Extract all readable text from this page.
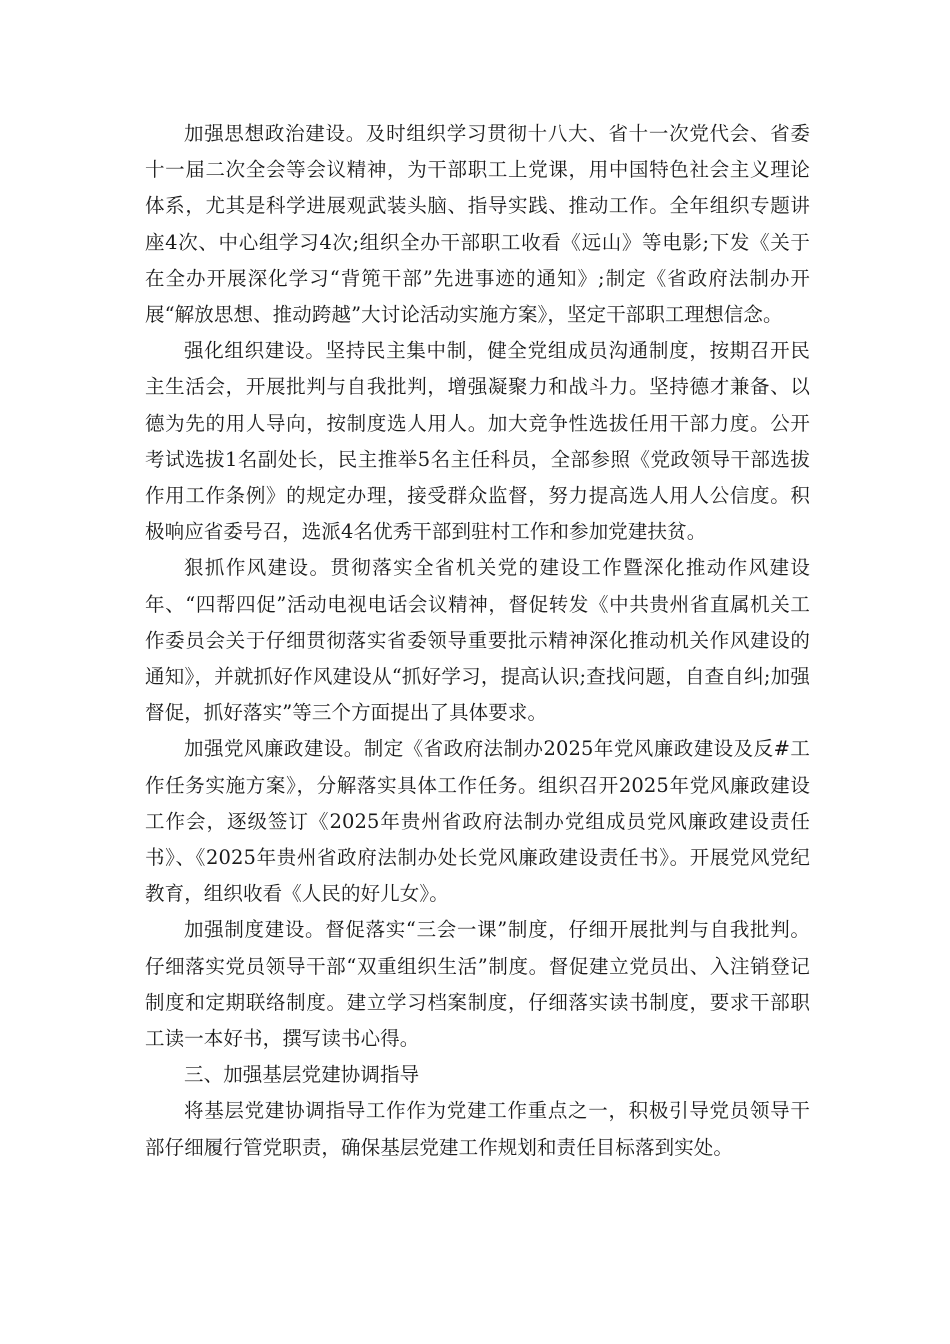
加强思想政治建设。及时组织学习贯彻十八大、省十一次党代会、省委十一届二次全会等会议精神，为干部职工上党课，用中国特色社会主义理论体系，尤其是科学进展观武装头脑、指导实践、推动工作。全年组织专题讲座4次、中心组学习4次;组织全办干部职工收看《远山》等电影;下发《关于在全办开展深化学习“背篼干部”先进事迹的通知》;制定《省政府法制办开展“解放思想、推动跨越”大讨论活动实施方案》，坚定干部职工理想信念。

强化组织建设。坚持民主集中制，健全党组成员沟通制度，按期召开民主生活会，开展批判与自我批判，增强凝聚力和战斗力。坚持德才兼备、以德为先的用人导向，按制度选人用人。加大竞争性选拔任用干部力度。公开考试选拔1名副处长，民主推举5名主任科员，全部参照《党政领导干部选拔作用工作条例》的规定办理，接受群众监督，努力提高选人用人公信度。积极响应省委号召，选派4名优秀干部到驻村工作和参加党建扶贫。

狠抓作风建设。贯彻落实全省机关党的建设工作暨深化推动作风建设年、“四帮四促”活动电视电话会议精神，督促转发《中共贵州省直属机关工作委员会关于仔细贯彻落实省委领导重要批示精神深化推动机关作风建设的通知》，并就抓好作风建设从“抓好学习，提高认识;查找问题，自查自纠;加强督促，抓好落实”等三个方面提出了具体要求。

加强党风廉政建设。制定《省政府法制办2025年党风廉政建设及反#工作任务实施方案》，分解落实具体工作任务。组织召开2025年党风廉政建设工作会，逐级签订《2025年贵州省政府法制办党组成员党风廉政建设责任书》、《2025年贵州省政府法制办处长党风廉政建设责任书》。开展党风党纪教育，组织收看《人民的好儿女》。

加强制度建设。督促落实“三会一课”制度，仔细开展批判与自我批判。仔细落实党员领导干部“双重组织生活”制度。督促建立党员出、入注销登记制度和定期联络制度。建立学习档案制度，仔细落实读书制度，要求干部职工读一本好书，撰写读书心得。

三、加强基层党建协调指导

将基层党建协调指导工作作为党建工作重点之一，积极引导党员领导干部仔细履行管党职责，确保基层党建工作规划和责任目标落到实处。
